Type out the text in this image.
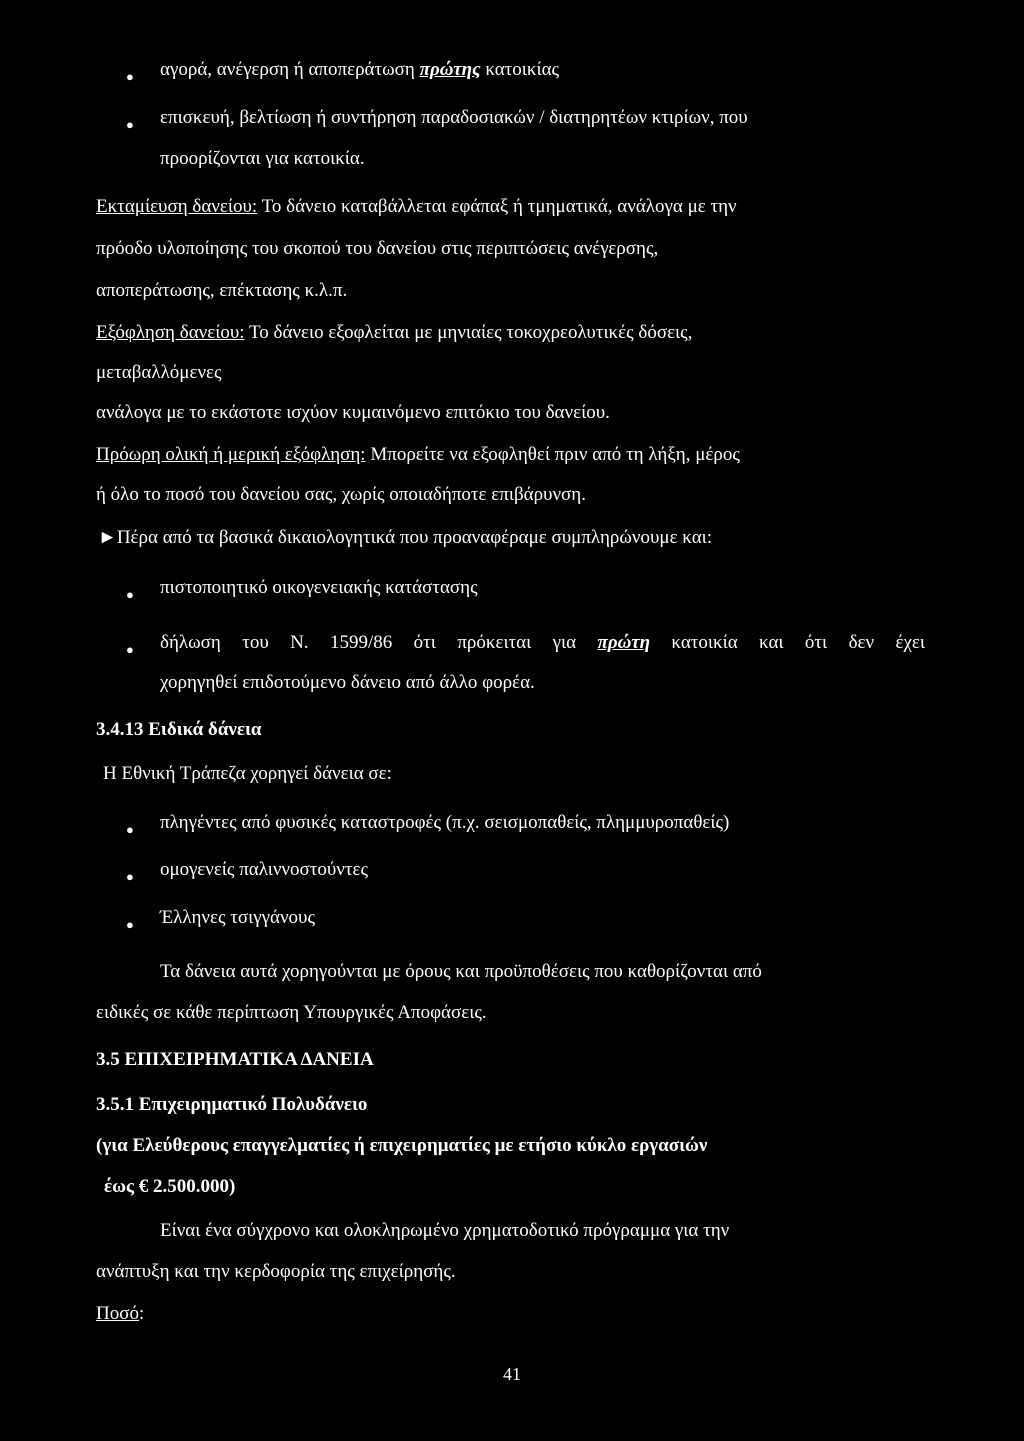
● αγορά, ανέγερση ή αποπεράτωση πρώτης κατοικίας
● επισκευή, βελτίωση ή συντήρηση παραδοσιακών / διατηρητέων κτιρίων, που
προορίζονται για κατοικία.
Εκταμίευση δανείου: Το δάνειο καταβάλλεται εφάπαξ ή τμηματικά, ανάλογα με την
πρόοδο υλοποίησης του σκοπού του δανείου στις περιπτώσεις ανέγερσης,
αποπεράτωσης, επέκτασης κ.λ.π.
Εξόφληση δανείου: Το δάνειο εξοφλείται με μηνιαίες τοκοχρεολυτικές δόσεις,
μεταβαλλόμενες
ανάλογα με το εκάστοτε ισχύον κυμαινόμενο επιτόκιο του δανείου.
Πρόωρη ολική ή μερική εξόφληση: Μπορείτε να εξοφληθεί πριν από τη λήξη, μέρος
ή όλο το ποσό του δανείου σας, χωρίς οποιαδήποτε επιβάρυνση.
►Πέρα από τα βασικά δικαιολογητικά που προαναφέραμε συμπληρώνουμε και:
● πιστοποιητικό οικογενειακής κατάστασης
● δήλωση του Ν. 1599/86 ότι πρόκειται για πρώτη κατοικία και ότι δεν έχει
χορηγηθεί επιδοτούμενο δάνειο από άλλο φορέα.
3.4.13 Ειδικά δάνεια
Η Εθνική Τράπεζα χορηγεί δάνεια σε:
● πληγέντες από φυσικές καταστροφές (π.χ. σεισμοπαθείς, πλημμυροπαθείς)
● ομογενείς παλιννοστούντες
● Έλληνες τσιγγάνους
Τα δάνεια αυτά χορηγούνται με όρους και προϋποθέσεις που καθορίζονται από
ειδικές σε κάθε περίπτωση Υπουργικές Αποφάσεις.
3.5 ΕΠΙΧΕΙΡΗΜΑΤΙΚΑ ΔΑΝΕΙΑ
3.5.1 Επιχειρηματικό Πολυδάνειο
(για Ελεύθερους επαγγελματίες ή επιχειρηματίες με ετήσιο κύκλο εργασιών
έως € 2.500.000)
Είναι ένα σύγχρονο και ολοκληρωμένο χρηματοδοτικό πρόγραμμα για την
ανάπτυξη και την κερδοφορία της επιχείρησής.
Ποσό:
41
